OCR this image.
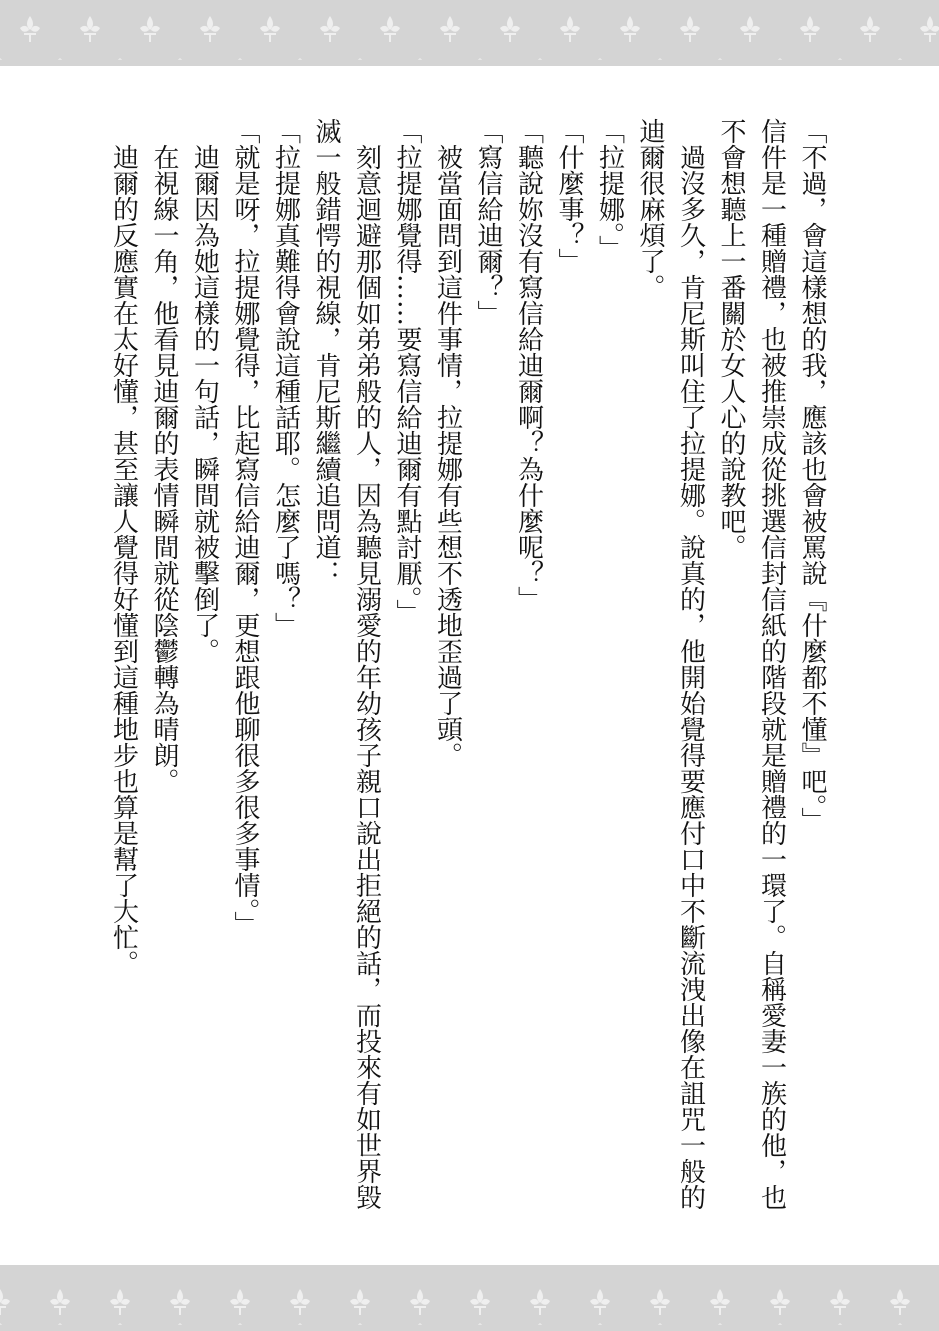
「不過，會這樣想的我，應該也會被罵說『什麼都不懂』吧。」

信件是一種贈禮，也被推崇成從挑選信封信紙的階段就是贈禮的一環了。自稱愛妻一族的他，也不會想聽上一番關於女人心的說教吧。

過沒多久，肯尼斯叫住了拉提娜。說真的，他開始覺得要應付口中不斷流洩出像在詛咒一般的迪爾很麻煩了。

「拉提娜。」

「什麼事？」

「聽說妳沒有寫信給迪爾啊？為什麼呢？」

「寫信給迪爾？」

被當面問到這件事情，拉提娜有些想不透地歪過了頭。

「拉提娜覺得……要寫信給迪爾有點討厭。」

刻意迴避那個如弟弟般的人，因為聽見溺愛的年幼孩子親口說出拒絕的話，而投來有如世界毀滅一般錯愕的視線，肯尼斯繼續追問道：

「拉提娜真難得會說這種話耶。怎麼了嗎？」

「就是呀，拉提娜覺得，比起寫信給迪爾，更想跟他聊很多很多事情。」

迪爾因為她這樣的一句話，瞬間就被擊倒了。

在視線一角，他看見迪爾的表情瞬間就從陰鬱轉為晴朗。

迪爾的反應實在太好懂，甚至讓人覺得好懂到這種地步也算是幫了大忙。
